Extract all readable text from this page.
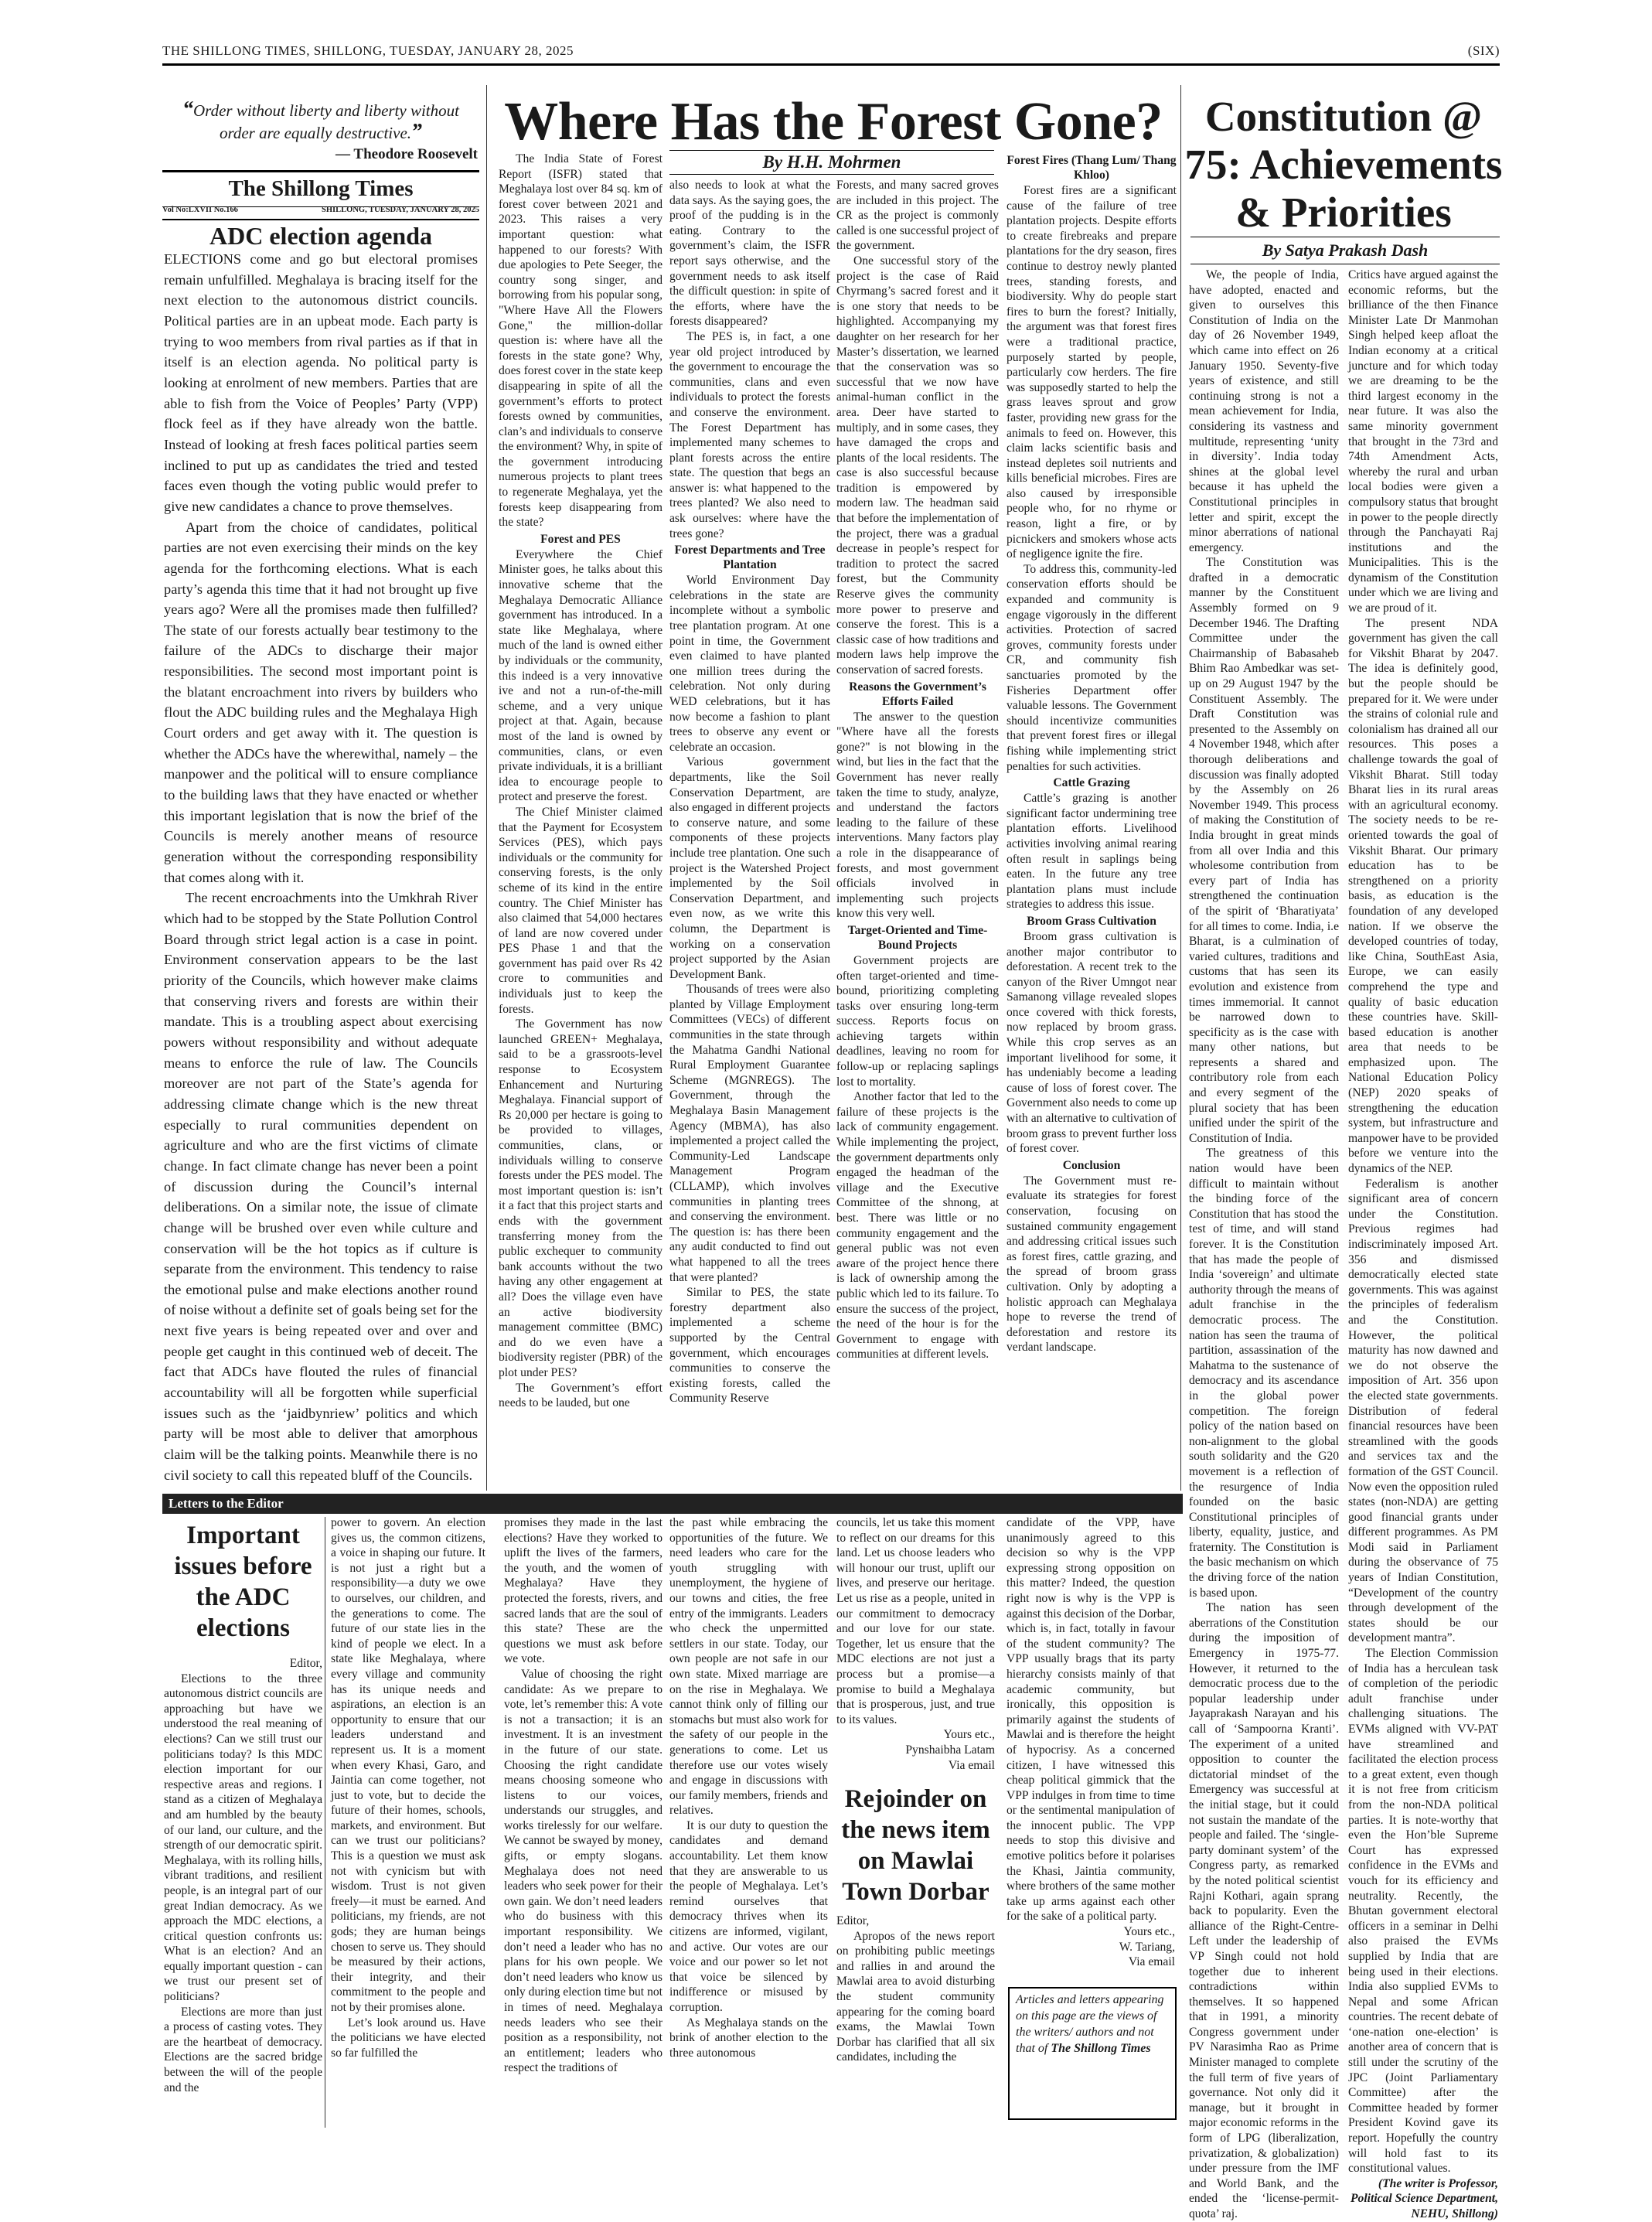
THE SHILLONG TIMES, SHILLONG, TUESDAY, JANUARY 28, 2025	(SIX)
“Order without liberty and liberty without order are equally destructive.”
— Theodore Roosevelt
The Shillong Times
Vol No:LXVII No.166	SHILLONG, TUESDAY, JANUARY 28, 2025
ADC election agenda

ELECTIONS come and go but electoral promises remain unfulfilled. Meghalaya is bracing itself for the next election to the autonomous district councils. Political parties are in an upbeat mode. Each party is trying to woo members from rival parties as if that in itself is an election agenda. No political party is looking at enrolment of new members. Parties that are able to fish from the Voice of Peoples’ Party (VPP) flock feel as if they have already won the battle. Instead of looking at fresh faces political parties seem inclined to put up as candidates the tried and tested faces even though the voting public would prefer to give new candidates a chance to prove themselves.

Apart from the choice of candidates, political parties are not even exercising their minds on the key agenda for the forthcoming elections. What is each party’s agenda this time that it had not brought up five years ago? Were all the promises made then fulfilled? The state of our forests actually bear testimony to the failure of the ADCs to discharge their major responsibilities. The second most important point is the blatant encroachment into rivers by builders who flout the ADC building rules and the Meghalaya High Court orders and get away with it. The question is whether the ADCs have the wherewithal, namely – the manpower and the political will to ensure compliance to the building laws that they have enacted or whether this important legislation that is now the brief of the Councils is merely another means of resource generation without the corresponding responsibility that comes along with it.

The recent encroachments into the Umkhrah River which had to be stopped by the State Pollution Control Board through strict legal action is a case in point. Environment conservation appears to be the last priority of the Councils, which however make claims that conserving rivers and forests are within their mandate. This is a troubling aspect about exercising powers without responsibility and without adequate means to enforce the rule of law. The Councils moreover are not part of the State’s agenda for addressing climate change which is the new threat especially to rural communities dependent on agriculture and who are the first victims of climate change. In fact climate change has never been a point of discussion during the Council’s internal deliberations. On a similar note, the issue of climate change will be brushed over even while culture and conservation will be the hot topics as if culture is separate from the environment. This tendency to raise the emotional pulse and make elections another round of noise without a definite set of goals being set for the next five years is being repeated over and over and people get caught in this continued web of deceit. The fact that ADCs have flouted the rules of financial accountability will all be forgotten while superficial issues such as the ‘jaidbynriew’ politics and which party will be most able to deliver that amorphous claim will be the talking points. Meanwhile there is no civil society to call this repeated bluff of the Councils.

Where Has the Forest Gone?
By H.H. Mohrmen

The India State of Forest Report (ISFR) stated that Meghalaya lost over 84 sq. km of forest cover between 2021 and 2023. This raises a very important question: what happened to our forests? With due apologies to Pete Seeger, the country song singer, and borrowing from his popular song, "Where Have All the Flowers Gone," the million-dollar question is: where have all the forests in the state gone? Why, does forest cover in the state keep disappearing in spite of all the government’s efforts to protect forests owned by communities, clan’s and individuals to conserve the environment? Why, in spite of the government introducing numerous projects to plant trees to regenerate Meghalaya, yet the forests keep disappearing from the state?

Forest and PES

Everywhere the Chief Minister goes, he talks about this innovative scheme that the Meghalaya Democratic Alliance government has introduced. In a state like Meghalaya, where much of the land is owned either by individuals or the community, this indeed is a very innovative ive and not a run-of-the-mill scheme, and a very unique project at that. Again, because most of the land is owned by communities, clans, or even private individuals, it is a brilliant idea to encourage people to protect and preserve the forest.

The Chief Minister claimed that the Payment for Ecosystem Services (PES), which pays individuals or the community for conserving forests, is the only scheme of its kind in the entire country. The Chief Minister has also claimed that 54,000 hectares of land are now covered under PES Phase 1 and that the government has paid over Rs 42 crore to communities and individuals just to keep the forests.

The Government has now launched GREEN+ Meghalaya, said to be a grassroots-level response to Ecosystem Enhancement and Nurturing Meghalaya. Financial support of Rs 20,000 per hectare is going to be provided to villages, communities, clans, or individuals willing to conserve forests under the PES model. The most important question is: isn’t it a fact that this project starts and ends with the government transferring money from the public exchequer to community bank accounts without the two having any other engagement at all? Does the village even have an active biodiversity management committee (BMC) and do we even have a biodiversity register (PBR) of the plot under PES?

The Government’s effort needs to be lauded, but one

also needs to look at what the data says. As the saying goes, the proof of the pudding is in the eating. Contrary to the government’s claim, the ISFR report says otherwise, and the government needs to ask itself the difficult question: in spite of the efforts, where have the forests disappeared?

The PES is, in fact, a one year old project introduced by the government to encourage the communities, clans and even individuals to protect the forests and conserve the environment. The Forest Department has implemented many schemes to plant forests across the entire state. The question that begs an answer is: what happened to the trees planted? We also need to ask ourselves: where have the trees gone?

Forest Departments and Tree Plantation

World Environment Day celebrations in the state are incomplete without a symbolic tree plantation program. At one point in time, the Government even claimed to have planted one million trees during the celebration. Not only during WED celebrations, but it has now become a fashion to plant trees to observe any event or celebrate an occasion.

Various government departments, like the Soil Conservation Department, are also engaged in different projects to conserve nature, and some components of these projects include tree plantation. One such project is the Watershed Project implemented by the Soil Conservation Department, and even now, as we write this column, the Department is working on a conservation project supported by the Asian Development Bank.

Thousands of trees were also planted by Village Employment Committees (VECs) of different communities in the state through the Mahatma Gandhi National Rural Employment Guarantee Scheme (MGNREGS). The Government, through the Meghalaya Basin Management Agency (MBMA), has also implemented a project called the Community-Led Landscape Management Program (CLLAMP), which involves communities in planting trees and conserving the environment. The question is: has there been any audit conducted to find out what happened to all the trees that were planted?

Similar to PES, the state forestry department also implemented a scheme supported by the Central government, which encourages communities to conserve the existing forests, called the Community Reserve

Forests, and many sacred groves are included in this project. The CR as the project is commonly called is one successful project of the government.

One successful story of the project is the case of Raid Chyrmang’s sacred forest and it is one story that needs to be highlighted. Accompanying my daughter on her research for her Master’s dissertation, we learned that the conservation was so successful that we now have animal-human conflict in the area. Deer have started to multiply, and in some cases, they have damaged the crops and plants of the local residents. The case is also successful because tradition is empowered by modern law. The headman said that before the implementation of the project, there was a gradual decrease in people’s respect for tradition to protect the sacred forest, but the Community Reserve gives the community more power to preserve and conserve the forest. This is a classic case of how traditions and modern laws help improve the conservation of sacred forests.

Reasons the Government’s Efforts Failed

The answer to the question "Where have all the forests gone?" is not blowing in the wind, but lies in the fact that the Government has never really taken the time to study, analyze, and understand the factors leading to the failure of these interventions. Many factors play a role in the disappearance of forests, and most government officials involved in implementing such projects know this very well.

Target-Oriented and Time-Bound Projects

Government projects are often target-oriented and time-bound, prioritizing completing tasks over ensuring long-term success. Reports focus on achieving targets within deadlines, leaving no room for follow-up or replacing saplings lost to mortality.

Another factor that led to the failure of these projects is the lack of community engagement. While implementing the project, the government departments only engaged the headman of the village and the Executive Committee of the shnong, at best. There was little or no community engagement and the general public was not even aware of the project hence there is lack of ownership among the public which led to its failure. To ensure the success of the project, the need of the hour is for the Government to engage with communities at different levels.

Forest Fires (Thang Lum/ Thang Khloo)

Forest fires are a significant cause of the failure of tree plantation projects. Despite efforts to create firebreaks and prepare plantations for the dry season, fires continue to destroy newly planted trees, standing forests, and biodiversity. Why do people start fires to burn the forest? Initially, the argument was that forest fires were a traditional practice, purposely started by people, particularly cow herders. The fire was supposedly started to help the grass leaves sprout and grow faster, providing new grass for the animals to feed on. However, this claim lacks scientific basis and instead depletes soil nutrients and kills beneficial microbes. Fires are also caused by irresponsible people who, for no rhyme or reason, light a fire, or by picnickers and smokers whose acts of negligence ignite the fire.

To address this, community-led conservation efforts should be expanded and community is engage vigorously in the different activities. Protection of sacred groves, community forests under CR, and community fish sanctuaries promoted by the Fisheries Department offer valuable lessons. The Government should incentivize communities that prevent forest fires or illegal fishing while implementing strict penalties for such activities.

Cattle Grazing

Cattle’s grazing is another significant factor undermining tree plantation efforts. Livelihood activities involving animal rearing often result in saplings being eaten. In the future any tree plantation plans must include strategies to address this issue.

Broom Grass Cultivation

Broom grass cultivation is another major contributor to deforestation. A recent trek to the canyon of the River Umngot near Samanong village revealed slopes once covered with thick forests, now replaced by broom grass. While this crop serves as an important livelihood for some, it has undeniably become a leading cause of loss of forest cover. The Government also needs to come up with an alternative to cultivation of broom grass to prevent further loss of forest cover.

Conclusion

The Government must re-evaluate its strategies for forest conservation, focusing on sustained community engagement and addressing critical issues such as forest fires, cattle grazing, and the spread of broom grass cultivation. Only by adopting a holistic approach can Meghalaya hope to reverse the trend of deforestation and restore its verdant landscape.

Constitution @ 75: Achievements & Priorities
By Satya Prakash Dash

We, the people of India, have adopted, enacted and given to ourselves this Constitution of India on the day of 26 November 1949, which came into effect on 26 January 1950. Seventy-five years of existence, and still continuing strong is not a mean achievement for India, considering its vastness and multitude, representing ‘unity in diversity’. India today shines at the global level because it has upheld the Constitutional principles in letter and spirit, except the minor aberrations of national emergency.

The Constitution was drafted in a democratic manner by the Constituent Assembly formed on 9 December 1946. The Drafting Committee under the Chairmanship of Babasaheb Bhim Rao Ambedkar was set-up on 29 August 1947 by the Constituent Assembly. The Draft Constitution was presented to the Assembly on 4 November 1948, which after thorough deliberations and discussion was finally adopted by the Assembly on 26 November 1949. This process of making the Constitution of India brought in great minds from all over India and this wholesome contribution from every part of India has strengthened the continuation of the spirit of ‘Bharatiyata’ for all times to come. India, i.e Bharat, is a culmination of varied cultures, traditions and customs that has seen its evolution and existence from times immemorial. It cannot be narrowed down to specificity as is the case with many other nations, but represents a shared and contributory role from each and every segment of the plural society that has been unified under the spirit of the Constitution of India.

The greatness of this nation would have been difficult to maintain without the binding force of the Constitution that has stood the test of time, and will stand forever. It is the Constitution that has made the people of India ‘sovereign’ and ultimate authority through the means of adult franchise in the democratic process. The nation has seen the trauma of partition, assassination of the Mahatma to the sustenance of democracy and its ascendance in the global power competition. The foreign policy of the nation based on non-alignment to the global south solidarity and the G20 movement is a reflection of the resurgence of India founded on the basic Constitutional principles of liberty, equality, justice, and fraternity. The Constitution is the basic mechanism on which the driving force of the nation is based upon.

The nation has seen aberrations of the Constitution during the imposition of Emergency in 1975-77. However, it returned to the democratic process due to the popular leadership under Jayaprakash Narayan and his call of ‘Sampoorna Kranti’. The experiment of a united opposition to counter the dictatorial mindset of the Emergency was successful at the initial stage, but it could not sustain the mandate of the people and failed. The ‘single-party dominant system’ of the Congress party, as remarked by the noted political scientist Rajni Kothari, again sprang back to popularity. Even the alliance of the Right-Centre-Left under the leadership of VP Singh could not hold together due to inherent contradictions within themselves. It so happened that in 1991, a minority Congress government under PV Narasimha Rao as Prime Minister managed to complete the full term of five years of governance. Not only did it manage, but it brought in major economic reforms in the form of LPG (liberalization, privatization, & globalization) under pressure from the IMF and World Bank, and the ended the ‘license-permit-quota’ raj.

Critics have argued against the economic reforms, but the brilliance of the then Finance Minister Late Dr Manmohan Singh helped keep afloat the Indian economy at a critical juncture and for which today we are dreaming to be the third largest economy in the near future. It was also the same minority government that brought in the 73rd and 74th Amendment Acts, whereby the rural and urban local bodies were given a compulsory status that brought in power to the people directly through the Panchayati Raj institutions and the Municipalities. This is the dynamism of the Constitution under which we are living and we are proud of it.

The present NDA government has given the call for Vikshit Bharat by 2047. The idea is definitely good, but the people should be prepared for it. We were under the strains of colonial rule and colonialism has drained all our resources. This poses a challenge towards the goal of Vikshit Bharat. Still today Bharat lies in its rural areas with an agricultural economy. The society needs to be re-oriented towards the goal of Vikshit Bharat. Our primary education has to be strengthened on a priority basis, as education is the foundation of any developed nation. If we observe the developed countries of today, like China, SouthEast Asia, Europe, we can easily comprehend the type and quality of basic education these countries have. Skill-based education is another area that needs to be emphasized upon. The National Education Policy (NEP) 2020 speaks of strengthening the education system, but infrastructure and manpower have to be provided before we venture into the dynamics of the NEP.

Federalism is another significant area of concern under the Constitution. Previous regimes had indiscriminately imposed Art. 356 and dismissed democratically elected state governments. This was against the principles of federalism and the Constitution. However, the political maturity has now dawned and we do not observe the imposition of Art. 356 upon the elected state governments. Distribution of federal financial resources have been streamlined with the goods and services tax and the formation of the GST Council. Now even the opposition ruled states (non-NDA) are getting good financial grants under different programmes. As PM Modi said in Parliament during the observance of 75 years of Indian Constitution, “Development of the country through development of the states should be our development mantra”.

The Election Commission of India has a herculean task of completion of the periodic adult franchise under challenging situations. The EVMs aligned with VV-PAT have streamlined and facilitated the election process to a great extent, even though it is not free from criticism from the non-NDA political parties. It is note-worthy that even the Hon’ble Supreme Court has expressed confidence in the EVMs and vouch for its efficiency and neutrality. Recently, the Bhutan government electoral officers in a seminar in Delhi also praised the EVMs supplied by India that are being used in their elections. India also supplied EVMs to Nepal and some African countries. The recent debate of ‘one-nation one-election’ is another area of concern that is still under the scrutiny of the JPC (Joint Parliamentary Committee) after the Committee headed by former President Kovind gave its report. Hopefully the country will hold fast to its constitutional values.

(The writer is Professor, Political Science Department, NEHU, Shillong)
Letters to the Editor
Important issues before the ADC elections
Editor,

Elections to the three autonomous district councils are approaching but have we understood the real meaning of elections? Can we still trust our politicians today? Is this MDC election important for our respective areas and regions. I stand as a citizen of Meghalaya and am humbled by the beauty of our land, our culture, and the strength of our democratic spirit. Meghalaya, with its rolling hills, vibrant traditions, and resilient people, is an integral part of our great Indian democracy. As we approach the MDC elections, a critical question confronts us: What is an election? And an equally important question - can we trust our present set of politicians?

Elections are more than just a process of casting votes. They are the heartbeat of democracy. Elections are the sacred bridge between the will of the people and the

power to govern. An election gives us, the common citizens, a voice in shaping our future. It is not just a right but a responsibility—a duty we owe to ourselves, our children, and the generations to come. The future of our state lies in the kind of people we elect. In a state like Meghalaya, where every village and community has its unique needs and aspirations, an election is an opportunity to ensure that our leaders understand and represent us. It is a moment when every Khasi, Garo, and Jaintia can come together, not just to vote, but to decide the future of their homes, schools, markets, and environment. But can we trust our politicians? This is a question we must ask not with cynicism but with wisdom. Trust is not given freely—it must be earned. And politicians, my friends, are not gods; they are human beings chosen to serve us. They should be measured by their actions, their integrity, and their commitment to the people and not by their promises alone.

Let’s look around us. Have the politicians we have elected so far fulfilled the

promises they made in the last elections? Have they worked to uplift the lives of the farmers, the youth, and the women of Meghalaya? Have they protected the forests, rivers, and sacred lands that are the soul of this state? These are the questions we must ask before we vote.

Value of choosing the right candidate: As we prepare to vote, let’s remember this: A vote is not a transaction; it is an investment. It is an investment in the future of our state. Choosing the right candidate means choosing someone who listens to our voices, understands our struggles, and works tirelessly for our welfare. We cannot be swayed by money, gifts, or empty slogans. Meghalaya does not need leaders who seek power for their own gain. We don’t need leaders who do business with this important responsibility. We don’t need a leader who has no plans for his own people. We don’t need leaders who know us only during election time but not in times of need. Meghalaya needs leaders who see their position as a responsibility, not an entitlement; leaders who respect the traditions of

the past while embracing the opportunities of the future. We need leaders who care for the youth struggling with unemployment, the hygiene of our towns and cities, the free entry of the immigrants. Leaders who check the unpermitted settlers in our state. Today, our own people are not safe in our own state. Mixed marriage are on the rise in Meghalaya. We cannot think only of filling our stomachs but must also work for the safety of our people in the generations to come. Let us therefore use our votes wisely and engage in discussions with our family members, friends and relatives.

It is our duty to question the candidates and demand accountability. Let them know that they are answerable to us the people of Meghalaya. Let’s remind ourselves that democracy thrives when its citizens are informed, vigilant, and active. Our votes are our voice and our power so let not that voice be silenced by indifference or misused by corruption.

As Meghalaya stands on the brink of another election to the three autonomous

councils, let us take this moment to reflect on our dreams for this land. Let us choose leaders who will honour our trust, uplift our lives, and preserve our heritage. Let us rise as a people, united in our commitment to democracy and our love for our state. Together, let us ensure that the MDC elections are not just a process but a promise—a promise to build a Meghalaya that is prosperous, just, and true to its values.

Yours etc.,
Pynshaibha Latam
Via email
Rejoinder on the news item on Mawlai Town Dorbar
Editor,

Apropos of the news report on prohibiting public meetings and rallies in and around the Mawlai area to avoid disturbing the student community appearing for the coming board exams, the Mawlai Town Dorbar has clarified that all six candidates, including the

candidate of the VPP, have unanimously agreed to this decision so why is the VPP expressing strong opposition on this matter? Indeed, the question right now is why is the VPP is against this decision of the Dorbar, which is, in fact, totally in favour of the student community? The VPP usually brags that its party hierarchy consists mainly of that academic community, but ironically, this opposition is primarily against the students of Mawlai and is therefore the height of hypocrisy. As a concerned citizen, I have witnessed this cheap political gimmick that the VPP indulges in from time to time or the sentimental manipulation of the innocent public. The VPP needs to stop this divisive and emotive politics before it polarises the Khasi, Jaintia community, where brothers of the same mother take up arms against each other for the sake of a political party.

Yours etc.,
W. Tariang,
Via email
Articles and letters appearing on this page are the views of the writers/ authors and not that of The Shillong Times
